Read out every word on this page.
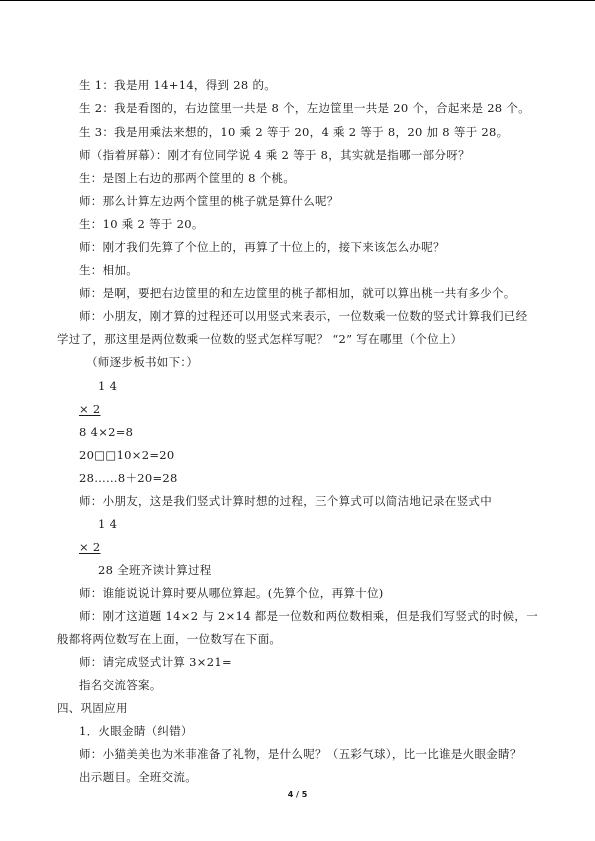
生 1：我是用 14+14，得到 28 的。
生 2：我是看图的，右边筐里一共是 8 个，左边筐里一共是 20 个，合起来是 28 个。
生 3：我是用乘法来想的，10 乘 2 等于 20，4 乘 2 等于 8，20 加 8 等于 28。
师（指着屏幕）：刚才有位同学说 4 乘 2 等于 8，其实就是指哪一部分呀？
生：是图上右边的那两个筐里的 8 个桃。
师：那么计算左边两个筐里的桃子就是算什么呢？
生：10 乘 2 等于 20。
师：刚才我们先算了个位上的，再算了十位上的，接下来该怎么办呢？
生：相加。
师：是啊，要把右边筐里的和左边筐里的桃子都相加，就可以算出桃一共有多少个。
师：小朋友，刚才算的过程还可以用竖式来表示，一位数乘一位数的竖式计算我们已经
学过了，那这里是两位数乘一位数的竖式怎样写呢？ “2” 写在哪里（个位上）
（师逐步板书如下：）
1 4
× 2
8 4×2=8
20□□10×2=20
28……8＋20=28
师：小朋友，这是我们竖式计算时想的过程，三个算式可以简洁地记录在竖式中
1 4
× 2
28 全班齐读计算过程
师：谁能说说计算时要从哪位算起。(先算个位，再算十位)
师：刚才这道题 14×2 与 2×14 都是一位数和两位数相乘，但是我们写竖式的时候，一
般都将两位数写在上面，一位数写在下面。
师：请完成竖式计算 3×21=
指名交流答案。
四、巩固应用
1．火眼金睛（纠错）
师：小猫美美也为米菲准备了礼物，是什么呢？（五彩气球），比一比谁是火眼金睛？
出示题目。全班交流。
4 / 5
